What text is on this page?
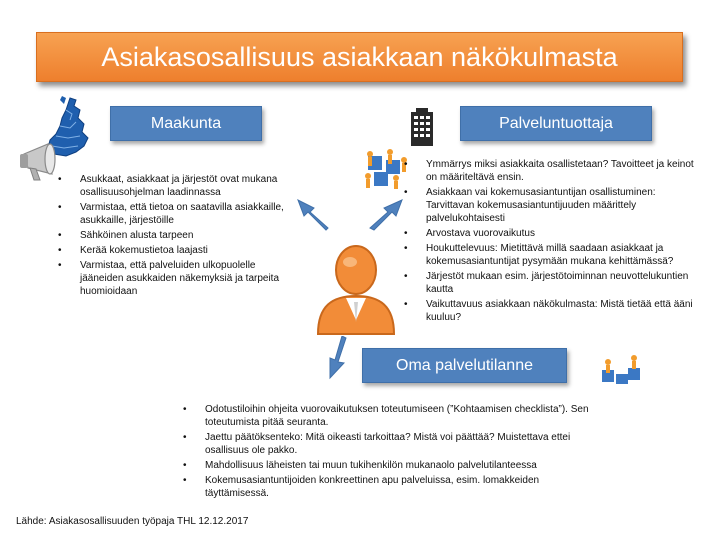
Asiakasosallisuus asiakkaan näkökulmasta
Maakunta	Palveluntuottaja
Oma palvelutilanne
• Asukkaat, asiakkaat ja järjestöt ovat mukana osallisuusohjelman laadinnassa
• Varmistaa, että tietoa on saatavilla asiakkaille, asukkaille, järjestöille
• Sähköinen alusta tarpeen
• Kerää kokemustietoa laajasti
• Varmistaa, että palveluiden ulkopuolelle jääneiden asukkaiden näkemyksiä ja tarpeita huomioidaan
• Ymmärrys miksi asiakkaita osallistetaan? Tavoitteet ja keinot on määriteltävä ensin.
• Asiakkaan vai kokemusasiantuntijan osallistuminen: Tarvittavan kokemusasiantuntijuuden määrittely palvelukohtaisesti
• Arvostava vuorovaikutus
• Houkuttelevuus: Mietittävä millä saadaan asiakkaat ja kokemusasiantuntijat pysymään mukana kehittämässä?
• Järjestöt mukaan esim. järjestötoiminnan neuvottelukuntien kautta
• Vaikuttavuus asiakkaan näkökulmasta: Mistä tietää että ääni kuuluu?
• Odotustiloihin ohjeita vuorovaikutuksen toteutumiseen (”Kohtaamisen checklista”). Sen toteutumista pitää seuranta.
• Jaettu päätöksenteko: Mitä oikeasti tarkoittaa? Mistä voi päättää? Muistettava ettei osallisuus ole pakko.
• Mahdollisuus läheisten tai muun tukihenkilön mukanaolo palvelutilanteessa
• Kokemusasiantuntijoiden konkreettinen apu palveluissa, esim. lomakkeiden täyttämisessä.
Lähde: Asiakasosallisuuden työpaja THL 12.12.2017
